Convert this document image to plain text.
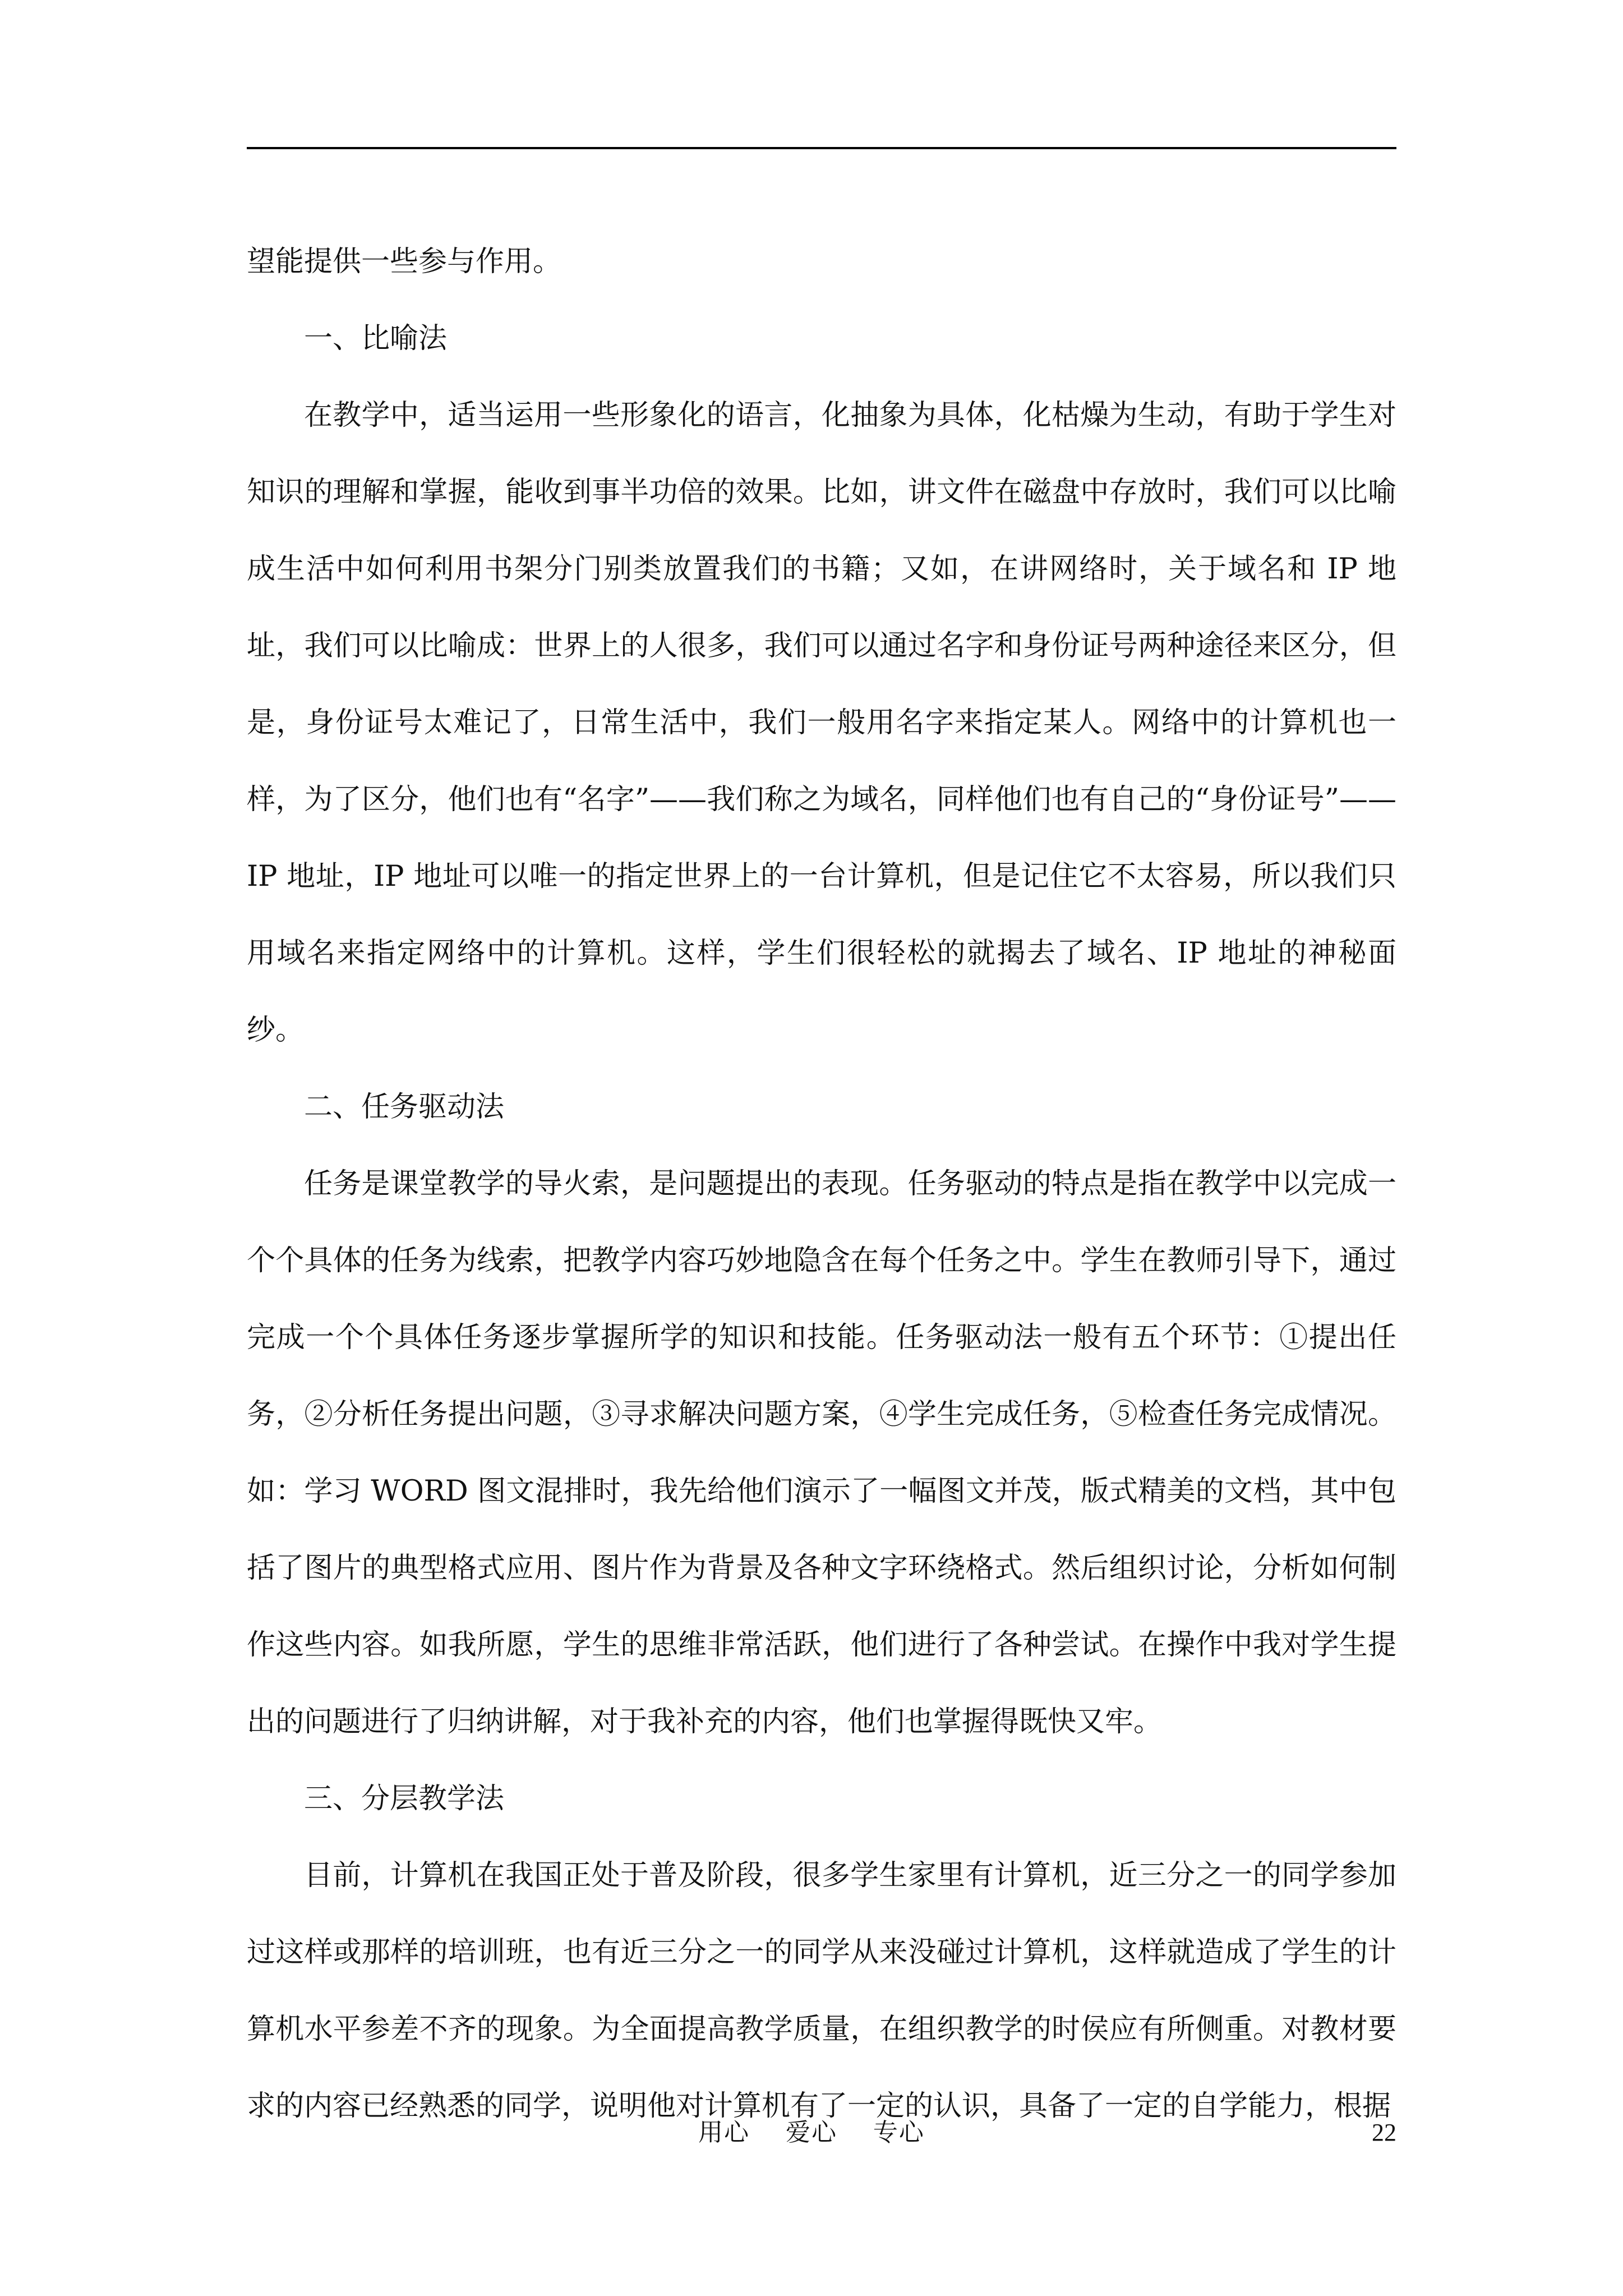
望能提供一些参与作用。

一、比喻法

在教学中，适当运用一些形象化的语言，化抽象为具体，化枯燥为生动，有助于学生对知识的理解和掌握，能收到事半功倍的效果。比如，讲文件在磁盘中存放时，我们可以比喻成生活中如何利用书架分门别类放置我们的书籍；又如，在讲网络时，关于域名和 IP 地址，我们可以比喻成：世界上的人很多，我们可以通过名字和身份证号两种途径来区分，但是，身份证号太难记了，日常生活中，我们一般用名字来指定某人。网络中的计算机也一样，为了区分，他们也有“名字”——我们称之为域名，同样他们也有自己的“身份证号”——IP 地址，IP 地址可以唯一的指定世界上的一台计算机，但是记住它不太容易，所以我们只用域名来指定网络中的计算机。这样，学生们很轻松的就揭去了域名、IP 地址的神秘面纱。

二、任务驱动法

任务是课堂教学的导火索，是问题提出的表现。任务驱动的特点是指在教学中以完成一个个具体的任务为线索，把教学内容巧妙地隐含在每个任务之中。学生在教师引导下，通过完成一个个具体任务逐步掌握所学的知识和技能。任务驱动法一般有五个环节：①提出任务，②分析任务提出问题，③寻求解决问题方案，④学生完成任务，⑤检查任务完成情况。如：学习 WORD 图文混排时，我先给他们演示了一幅图文并茂，版式精美的文档，其中包括了图片的典型格式应用、图片作为背景及各种文字环绕格式。然后组织讨论，分析如何制作这些内容。如我所愿，学生的思维非常活跃，他们进行了各种尝试。在操作中我对学生提出的问题进行了归纳讲解，对于我补充的内容，他们也掌握得既快又牢。

三、分层教学法

目前，计算机在我国正处于普及阶段，很多学生家里有计算机，近三分之一的同学参加过这样或那样的培训班，也有近三分之一的同学从来没碰过计算机，这样就造成了学生的计算机水平参差不齐的现象。为全面提高教学质量，在组织教学的时侯应有所侧重。对教材要求的内容已经熟悉的同学，说明他对计算机有了一定的认识，具备了一定的自学能力，根据

用心    爱心    专心	22
